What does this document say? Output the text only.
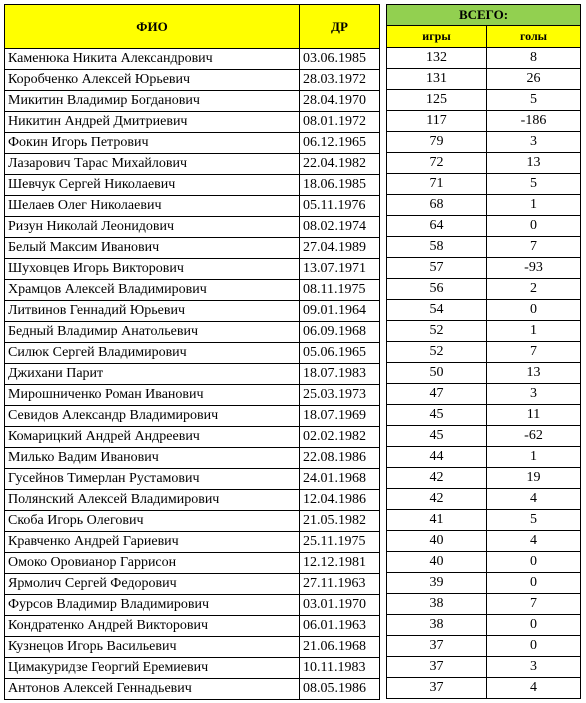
ФИО	ДР
Каменюка Никита Александрович	03.06.1985
Коробченко Алексей Юрьевич	28.03.1972
Микитин Владимир Богданович	28.04.1970
Никитин Андрей Дмитриевич	08.01.1972
Фокин Игорь Петрович	06.12.1965
Лазарович Тарас Михайлович	22.04.1982
Шевчук Сергей Николаевич	18.06.1985
Шелаев Олег Николаевич	05.11.1976
Ризун Николай Леонидович	08.02.1974
Белый Максим Иванович	27.04.1989
Шуховцев Игорь Викторович	13.07.1971
Храмцов Алексей Владимирович	08.11.1975
Литвинов Геннадий Юрьевич	09.01.1964
Бедный Владимир Анатольевич	06.09.1968
Силюк Сергей Владимирович	05.06.1965
Джихани Парит	18.07.1983
Мирошниченко Роман Иванович	25.03.1973
Севидов Александр Владимирович	18.07.1969
Комарицкий Андрей Андреевич	02.02.1982
Милько Вадим Иванович	22.08.1986
Гусейнов Тимерлан Рустамович	24.01.1968
Полянский Алексей Владимирович	12.04.1986
Скоба Игорь Олегович	21.05.1982
Кравченко Андрей Гариевич	25.11.1975
Омоко Оровианор Гаррисон	12.12.1981
Ярмолич Сергей Федорович	27.11.1963
Фурсов Владимир Владимирович	03.01.1970
Кондратенко Андрей Викторович	06.01.1963
Кузнецов Игорь Васильевич	21.06.1968
Цимакуридзе Георгий Еремиевич	10.11.1983
Антонов Алексей Геннадьевич	08.05.1986
ВСЕГО:	
игры	голы
132	8
131	26
125	5
117	-186
79	3
72	13
71	5
68	1
64	0
58	7
57	-93
56	2
54	0
52	1
52	7
50	13
47	3
45	11
45	-62
44	1
42	19
42	4
41	5
40	4
40	0
39	0
38	7
38	0
37	0
37	3
37	4
